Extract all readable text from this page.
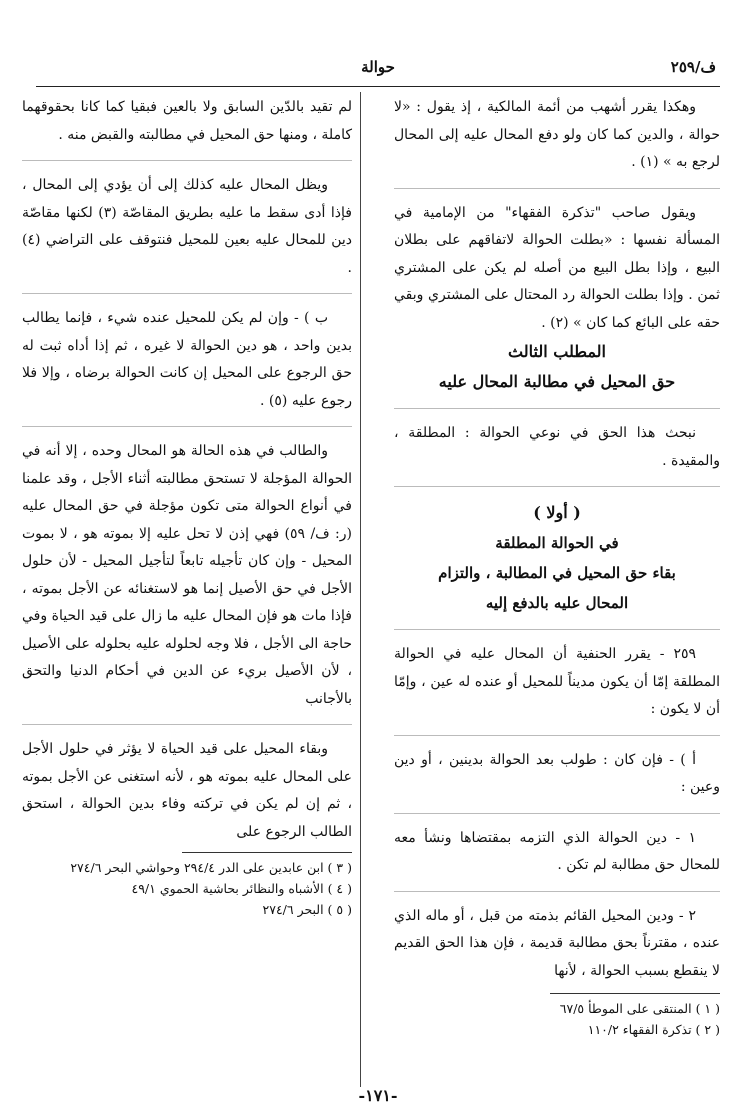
ف/٢٥٩
حوالة

وهكذا يقرر أشهب من أئمة المالكية ، إذ يقول : «لا حوالة ، والدين كما كان ولو دفع المحال عليه إلى المحال لرجع به » (١) .

ويقول صاحب "تذكرة الفقهاء" من الإمامية في المسألة نفسها : «بطلت الحوالة لاتفاقهم على بطلان البيع ، وإذا بطل البيع من أصله لم يكن على المشتري ثمن . وإذا بطلت الحوالة رد المحتال على المشتري وبقي حقه على البائع كما كان » (٢) .

المطلب الثالث

حق المحيل في مطالبة المحال عليه

نبحث هذا الحق في نوعي الحوالة : المطلقة ، والمقيدة .

( أولا )

في الحوالة المطلقة

بقاء حق المحيل في المطالبة ، والتزام

المحال عليه بالدفع إليه

٢٥٩ - يقرر الحنفية أن المحال عليه في الحوالة المطلقة إمّا أن يكون مديناً للمحيل أو عنده له عين ، وإمّا أن لا يكون :

أ ) - فإن كان : طولب بعد الحوالة بدينين ، أو دين وعين :

١ - دين الحوالة الذي التزمه بمقتضاها ونشأ معه للمحال حق مطالبة لم تكن .

٢ - ودين المحيل القائم بذمته من قبل ، أو ماله الذي عنده ، مقترناً بحق مطالبة قديمة ، فإن هذا الحق القديم لا ينقطع بسبب الحوالة ، لأنها

( ١ ) المنتقى على الموطأ ٦٧/٥

( ٢ ) تذكرة الفقهاء ١١٠/٢

لم تقيد بالدّين السابق ولا بالعين فبقيا كما كانا بحقوقهما كاملة ، ومنها حق المحيل في مطالبته والقبض منه .

ويظل المحال عليه كذلك إلى أن يؤدي إلى المحال ، فإذا أدى سقط ما عليه بطريق المقاصّة (٣) لكنها مقاصّة دين للمحال عليه بعين للمحيل فنتوقف على التراضي (٤) .

ب ) - وإن لم يكن للمحيل عنده شيء ، فإنما يطالب بدين واحد ، هو دين الحوالة لا غيره ، ثم إذا أداه ثبت له حق الرجوع على المحيل إن كانت الحوالة برضاه ، وإلا فلا رجوع عليه (٥) .

والطالب في هذه الحالة هو المحال وحده ، إلا أنه في الحوالة المؤجلة لا تستحق مطالبته أثناء الأجل ، وقد علمنا في أنواع الحوالة متى تكون مؤجلة في حق المحال عليه (ر: ف/ ٥٩) فهي إذن لا تحل عليه إلا بموته هو ، لا بموت المحيل - وإن كان تأجيله تابعاً لتأجيل المحيل - لأن حلول الأجل في حق الأصيل إنما هو لاستغنائه عن الأجل بموته ، فإذا مات هو فإن المحال عليه ما زال على قيد الحياة وفي حاجة الى الأجل ، فلا وجه لحلوله عليه بحلوله على الأصيل ، لأن الأصيل بريء عن الدين في أحكام الدنيا والتحق بالأجانب

وبقاء المحيل على قيد الحياة لا يؤثر في حلول الأجل على المحال عليه بموته هو ، لأنه استغنى عن الأجل بموته ، ثم إن لم يكن في تركته وفاء بدين الحوالة ، استحق الطالب الرجوع على

( ٣ ) ابن عابدين على الدر ٢٩٤/٤ وحواشي البحر ٢٧٤/٦

( ٤ ) الأشباه والنظائر بحاشية الحموي ٤٩/١

( ٥ ) البحر ٢٧٤/٦

-١٧١-
